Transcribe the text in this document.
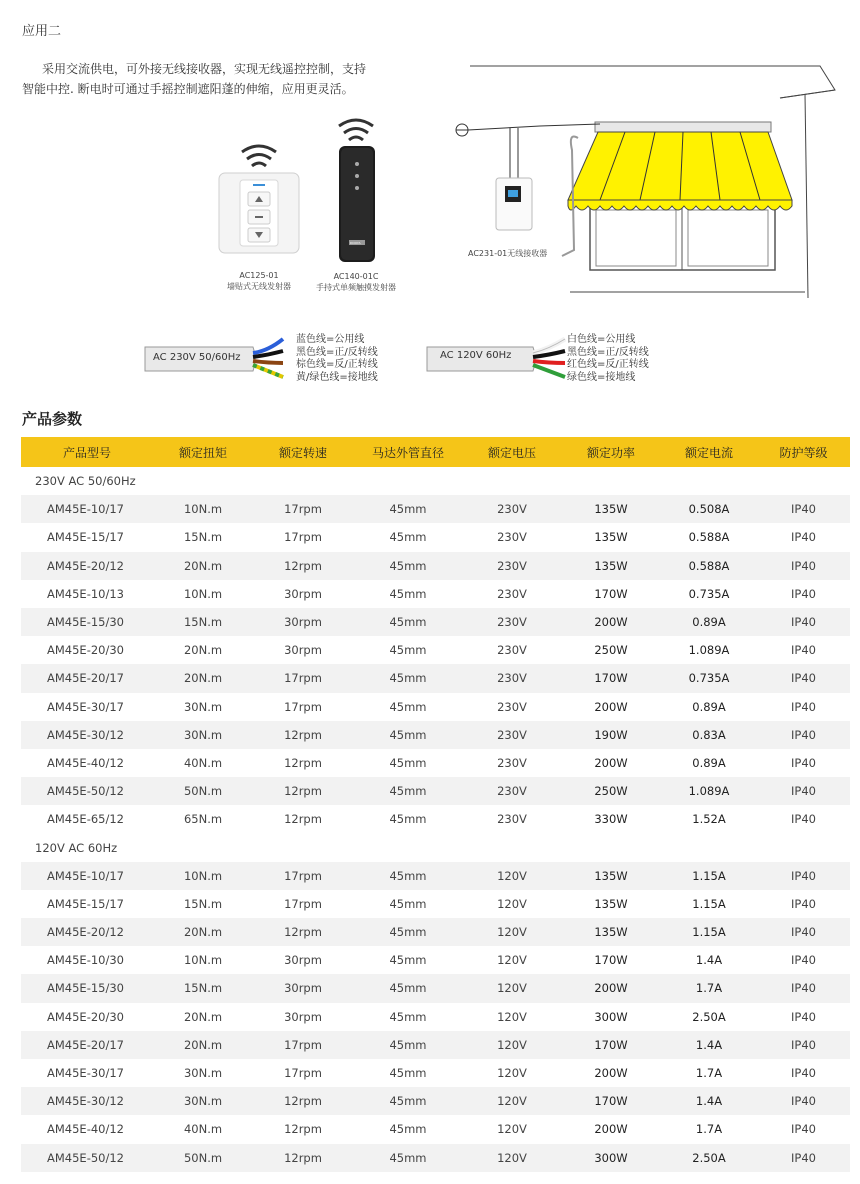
应用二
采用交流供电，可外接无线接收器，实现无线遥控控制，支持
智能中控. 断电时可通过手摇控制遮阳蓬的伸缩，应用更灵活。
AC125-01
墙贴式无线发射器
DOOYA
AC140-01C
手持式单频触摸发射器
AC231-01无线接收器
AC 230V 50/60Hz
蓝色线=公用线
黑色线=正/反转线
棕色线=反/正转线
黄/绿色线=接地线
AC 120V 60Hz
白色线=公用线
黑色线=正/反转线
红色线=反/正转线
绿色线=接地线
产品参数
产品型号	额定扭矩	额定转速	马达外管直径	额定电压	额定功率	额定电流	防护等级
230V AC 50/60Hz							
AM45E-10/17	10N.m	17rpm	45mm	230V	135W	0.508A	IP40
AM45E-15/17	15N.m	17rpm	45mm	230V	135W	0.588A	IP40
AM45E-20/12	20N.m	12rpm	45mm	230V	135W	0.588A	IP40
AM45E-10/13	10N.m	30rpm	45mm	230V	170W	0.735A	IP40
AM45E-15/30	15N.m	30rpm	45mm	230V	200W	0.89A	IP40
AM45E-20/30	20N.m	30rpm	45mm	230V	250W	1.089A	IP40
AM45E-20/17	20N.m	17rpm	45mm	230V	170W	0.735A	IP40
AM45E-30/17	30N.m	17rpm	45mm	230V	200W	0.89A	IP40
AM45E-30/12	30N.m	12rpm	45mm	230V	190W	0.83A	IP40
AM45E-40/12	40N.m	12rpm	45mm	230V	200W	0.89A	IP40
AM45E-50/12	50N.m	12rpm	45mm	230V	250W	1.089A	IP40
AM45E-65/12	65N.m	12rpm	45mm	230V	330W	1.52A	IP40
120V AC 60Hz							
AM45E-10/17	10N.m	17rpm	45mm	120V	135W	1.15A	IP40
AM45E-15/17	15N.m	17rpm	45mm	120V	135W	1.15A	IP40
AM45E-20/12	20N.m	12rpm	45mm	120V	135W	1.15A	IP40
AM45E-10/30	10N.m	30rpm	45mm	120V	170W	1.4A	IP40
AM45E-15/30	15N.m	30rpm	45mm	120V	200W	1.7A	IP40
AM45E-20/30	20N.m	30rpm	45mm	120V	300W	2.50A	IP40
AM45E-20/17	20N.m	17rpm	45mm	120V	170W	1.4A	IP40
AM45E-30/17	30N.m	17rpm	45mm	120V	200W	1.7A	IP40
AM45E-30/12	30N.m	12rpm	45mm	120V	170W	1.4A	IP40
AM45E-40/12	40N.m	12rpm	45mm	120V	200W	1.7A	IP40
AM45E-50/12	50N.m	12rpm	45mm	120V	300W	2.50A	IP40
